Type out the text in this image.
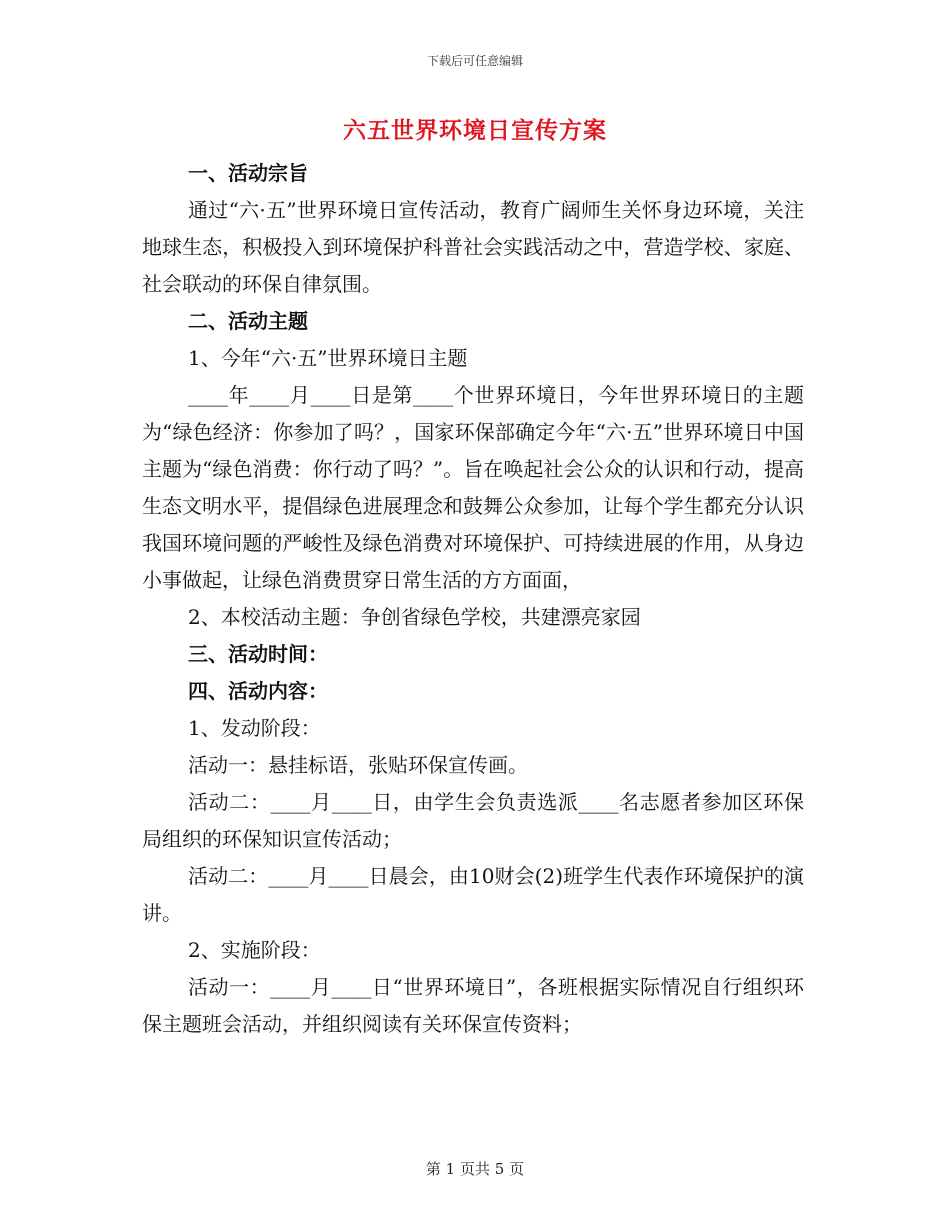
下载后可任意编辑
六五世界环境日宣传方案

一、活动宗旨

通过“六·五”世界环境日宣传活动，教育广阔师生关怀身边环境，关注地球生态，积极投入到环境保护科普社会实践活动之中，营造学校、家庭、社会联动的环保自律氛围。

二、活动主题

1、今年“六·五”世界环境日主题

____年____月____日是第____个世界环境日，今年世界环境日的主题为“绿色经济：你参加了吗？，国家环保部确定今年“六·五”世界环境日中国主题为“绿色消费：你行动了吗？”。旨在唤起社会公众的认识和行动，提高生态文明水平，提倡绿色进展理念和鼓舞公众参加，让每个学生都充分认识我国环境问题的严峻性及绿色消费对环境保护、可持续进展的作用，从身边小事做起，让绿色消费贯穿日常生活的方方面面，

2、本校活动主题：争创省绿色学校，共建漂亮家园

三、活动时间：

四、活动内容：

1、发动阶段：

活动一：悬挂标语，张贴环保宣传画。

活动二：____月____日，由学生会负责选派____名志愿者参加区环保局组织的环保知识宣传活动；

活动二：____月____日晨会，由10财会(2)班学生代表作环境保护的演讲。

2、实施阶段：

活动一：____月____日“世界环境日”，各班根据实际情况自行组织环保主题班会活动，并组织阅读有关环保宣传资料；

第 1 页共 5 页
